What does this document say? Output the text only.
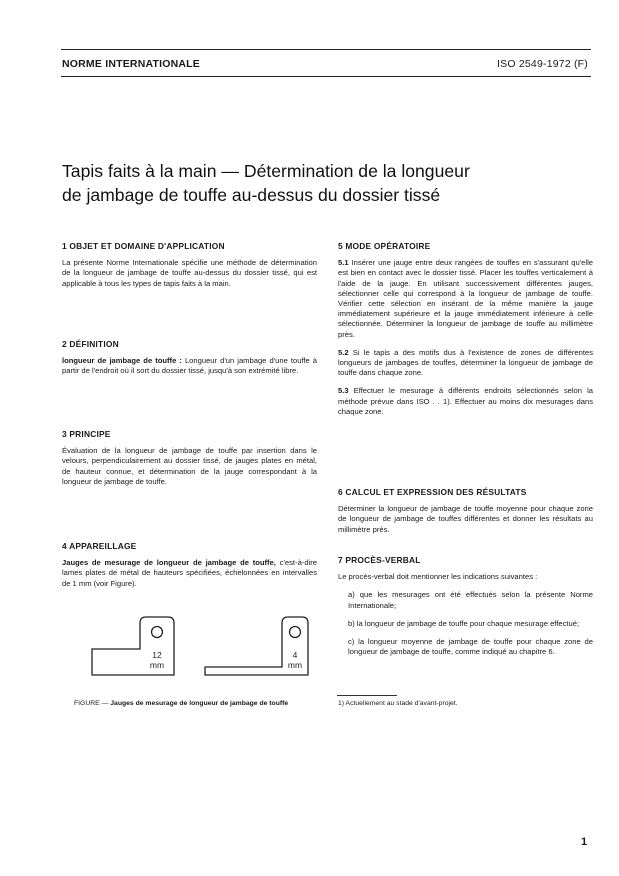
NORME INTERNATIONALE	ISO 2549-1972 (F)
Tapis faits à la main — Détermination de la longueur
de jambage de touffe au-dessus du dossier tissé
1 OBJET ET DOMAINE D'APPLICATION

La présente Norme Internationale spécifie une méthode de détermination de la longueur de jambage de touffe au-dessus du dossier tissé, qui est applicable à tous les types de tapis faits à la main.

2 DÉFINITION

longueur de jambage de touffe : Longueur d'un jambage d'une touffe à partir de l'endroit où il sort du dossier tissé, jusqu'à son extrémité libre.

3 PRINCIPE

Évaluation de la longueur de jambage de touffe par insertion dans le velours, perpendiculairement au dossier tissé, de jauges plates en métal, de hauteur connue, et détermination de la jauge correspondant à la longueur de jambage de touffe.

4 APPAREILLAGE

Jauges de mesurage de longueur de jambage de touffe, c'est-à-dire lames plates de métal de hauteurs spécifiées, échelonnées en intervalles de 1 mm (voir Figure).

12
mm
4
mm
FIGURE — Jauges de mesurage de longueur de jambage de touffe
5 MODE OPÉRATOIRE

5.1 Insérer une jauge entre deux rangées de touffes en s'assurant qu'elle est bien en contact avec le dossier tissé. Placer les touffes verticalement à l'aide de la jauge. En utilisant successivement différentes jauges, sélectionner celle qui correspond à la longueur de jambage de touffe. Vérifier cette sélection en insérant de la même manière la jauge immédiatement supérieure et la jauge immédiatement inférieure à celle sélectionnée. Déterminer la longueur de jambage de touffe au millimètre près.

5.2 Si le tapis a des motifs dus à l'existence de zones de différentes longueurs de jambages de touffes, déterminer la longueur de jambage de touffe dans chaque zone.

5.3 Effectuer le mesurage à différents endroits sélectionnés selon la méthode prévue dans ISO . . 1). Effectuer au moins dix mesurages dans chaque zone.

6 CALCUL ET EXPRESSION DES RÉSULTATS

Déterminer la longueur de jambage de touffe moyenne pour chaque zone de longueur de jambage de touffes différentes et donner les résultats au millimètre près.

7 PROCÈS-VERBAL

Le procès-verbal doit mentionner les indications suivantes :

a) que les mesurages ont été effectués selon la présente Norme Internationale;

b) la longueur de jambage de touffe pour chaque mesurage effectué;

c) la longueur moyenne de jambage de touffe pour chaque zone de longueur de jambage de touffe, comme indiqué au chapitre 6.

1) Actuellement au stade d'avant-projet.
1
